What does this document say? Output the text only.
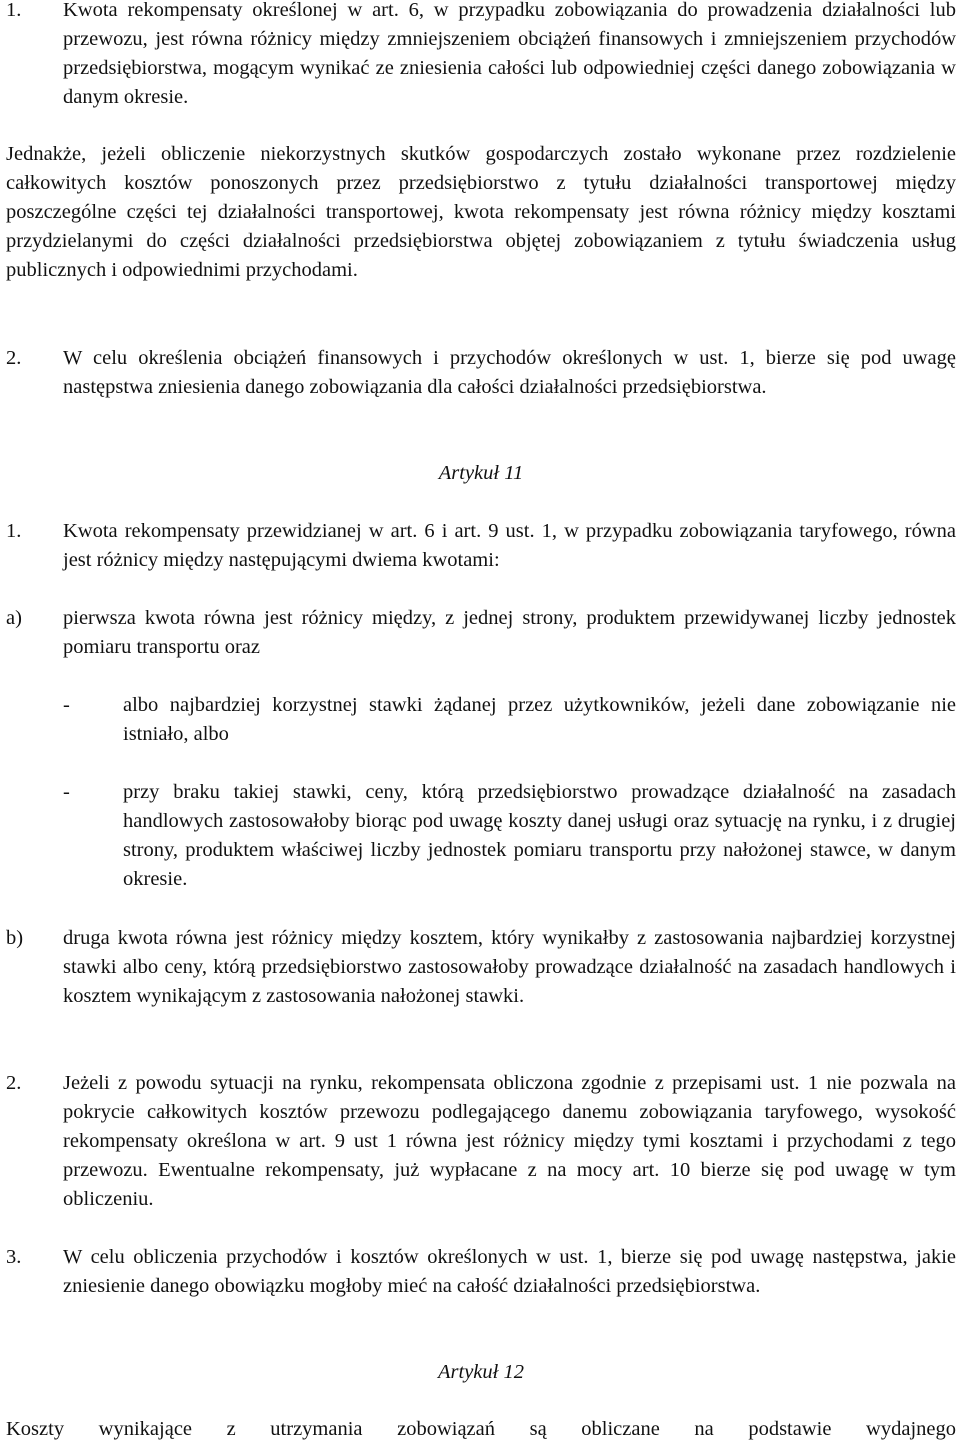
1.	Kwota rekompensaty określonej w art. 6, w przypadku zobowiązania do prowadzenia działalności lub przewozu, jest równa różnicy między zmniejszeniem obciążeń finansowych i zmniejszeniem przychodów przedsiębiorstwa, mogącym wynikać ze zniesienia całości lub odpowiedniej części danego zobowiązania w danym okresie.

Jednakże, jeżeli obliczenie niekorzystnych skutków gospodarczych zostało wykonane przez rozdzielenie całkowitych kosztów ponoszonych przez przedsiębiorstwo z tytułu działalności transportowej między poszczególne części tej działalności transportowej, kwota rekompensaty jest równa różnicy między kosztami przydzielanymi do części działalności przedsiębiorstwa objętej zobowiązaniem z tytułu świadczenia usług publicznych i odpowiednimi przychodami.

2.	W celu określenia obciążeń finansowych i przychodów określonych w ust. 1, bierze się pod uwagę następstwa zniesienia danego zobowiązania dla całości działalności przedsiębiorstwa.

Artykuł 11

1.	Kwota rekompensaty przewidzianej w art. 6 i art. 9 ust. 1, w przypadku zobowiązania taryfowego, równa jest różnicy między następującymi dwiema kwotami:
a)	pierwsza kwota równa jest różnicy między, z jednej strony, produktem przewidywanej liczby jednostek pomiaru transportu oraz
-	albo najbardziej korzystnej stawki żądanej przez użytkowników, jeżeli dane zobowiązanie nie istniało, albo
-	przy braku takiej stawki, ceny, którą przedsiębiorstwo prowadzące działalność na zasadach handlowych zastosowałoby biorąc pod uwagę koszty danej usługi oraz sytuację na rynku, i z drugiej strony, produktem właściwej liczby jednostek pomiaru transportu przy nałożonej stawce, w danym okresie.
b)	druga kwota równa jest różnicy między kosztem, który wynikałby z zastosowania najbardziej korzystnej stawki albo ceny, którą przedsiębiorstwo zastosowałoby prowadzące działalność na zasadach handlowych i kosztem wynikającym z zastosowania nałożonej stawki.
2.	Jeżeli z powodu sytuacji na rynku, rekompensata obliczona zgodnie z przepisami ust. 1 nie pozwala na pokrycie całkowitych kosztów przewozu podlegającego danemu zobowiązania taryfowego, wysokość rekompensaty określona w art. 9 ust 1 równa jest różnicy między tymi kosztami i przychodami z tego przewozu. Ewentualne rekompensaty, już wypłacane z na mocy art. 10 bierze się pod uwagę w tym obliczeniu.
3.	W celu obliczenia przychodów i kosztów określonych w ust. 1, bierze się pod uwagę następstwa, jakie zniesienie danego obowiązku mogłoby mieć na całość działalności przedsiębiorstwa.

Artykuł 12

Koszty wynikające z utrzymania zobowiązań są obliczane na podstawie wydajnego
